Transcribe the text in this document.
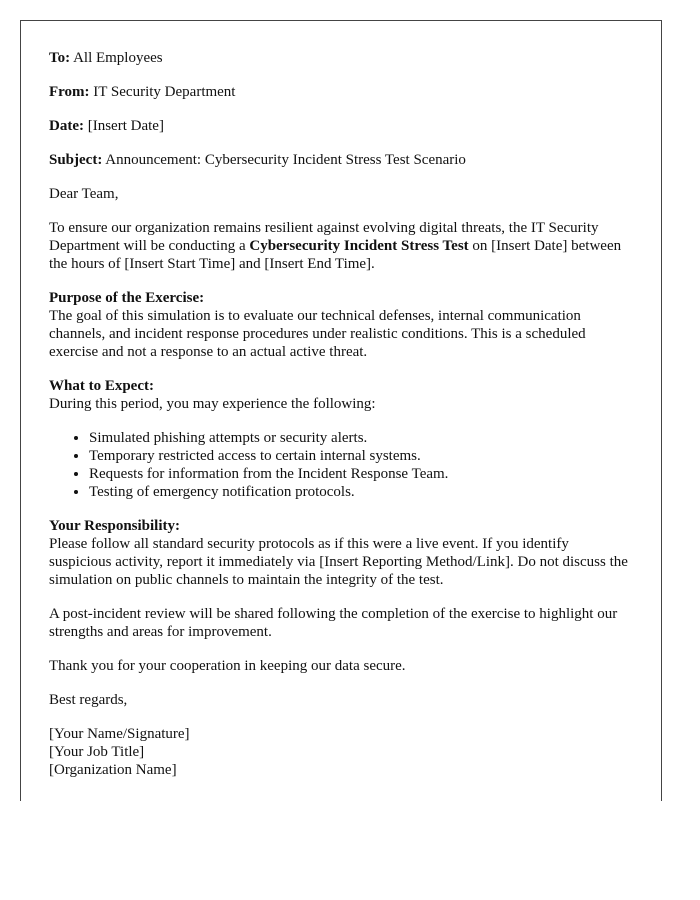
To: All Employees

From: IT Security Department

Date: [Insert Date]

Subject: Announcement: Cybersecurity Incident Stress Test Scenario

Dear Team,

To ensure our organization remains resilient against evolving digital threats, the IT Security Department will be conducting a Cybersecurity Incident Stress Test on [Insert Date] between the hours of [Insert Start Time] and [Insert End Time].

Purpose of the Exercise:
The goal of this simulation is to evaluate our technical defenses, internal communication channels, and incident response procedures under realistic conditions. This is a scheduled exercise and not a response to an actual active threat.

What to Expect:
During this period, you may experience the following:

• Simulated phishing attempts or security alerts.
• Temporary restricted access to certain internal systems.
• Requests for information from the Incident Response Team.
• Testing of emergency notification protocols.

Your Responsibility:
Please follow all standard security protocols as if this were a live event. If you identify suspicious activity, report it immediately via [Insert Reporting Method/Link]. Do not discuss the simulation on public channels to maintain the integrity of the test.

A post-incident review will be shared following the completion of the exercise to highlight our strengths and areas for improvement.

Thank you for your cooperation in keeping our data secure.

Best regards,

[Your Name/Signature]
[Your Job Title]
[Organization Name]
